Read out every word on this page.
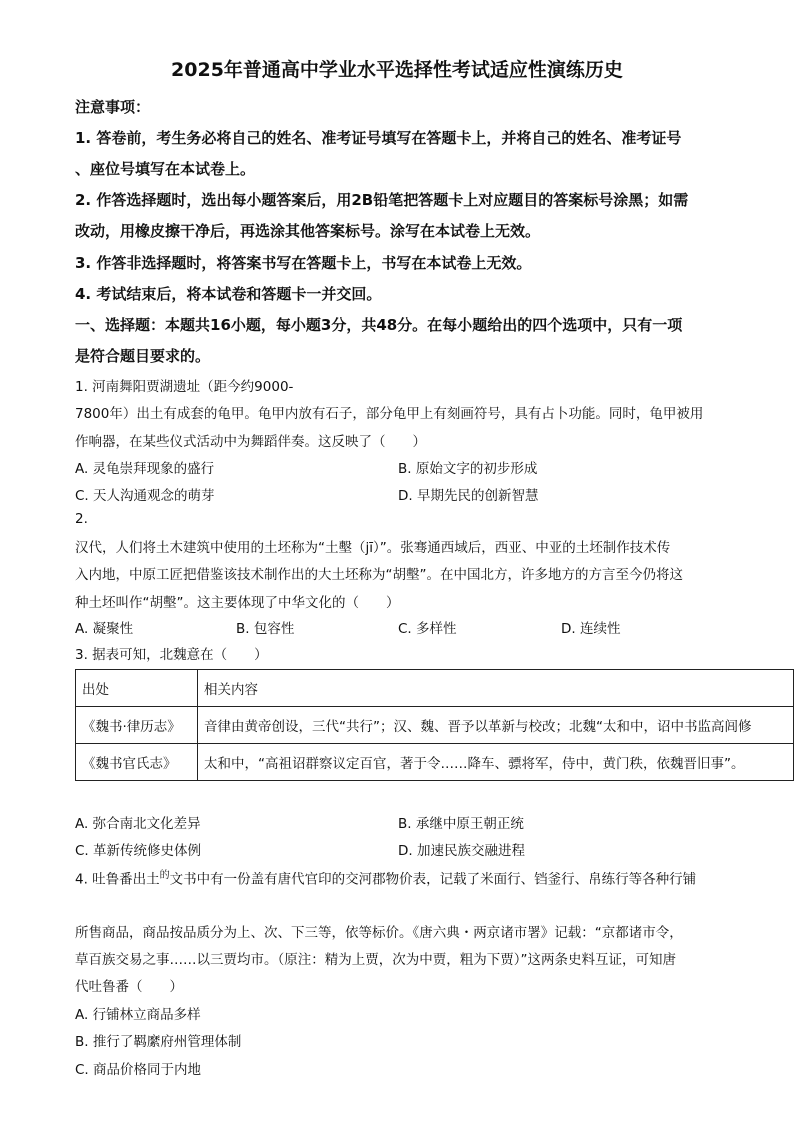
2025年普通高中学业水平选择性考试适应性演练历史
注意事项：
1. 答卷前，考生务必将自己的姓名、准考证号填写在答题卡上，并将自己的姓名、准考证号
、座位号填写在本试卷上。
2. 作答选择题时，选出每小题答案后，用2B铅笔把答题卡上对应题目的答案标号涂黑；如需
改动，用橡皮擦干净后，再选涂其他答案标号。涂写在本试卷上无效。
3. 作答非选择题时，将答案书写在答题卡上，书写在本试卷上无效。
4. 考试结束后，将本试卷和答题卡一并交回。
一、选择题：本题共16小题，每小题3分，共48分。在每小题给出的四个选项中，只有一项
是符合题目要求的。
1. 河南舞阳贾湖遗址（距今约9000-
7800年）出土有成套的龟甲。龟甲内放有石子，部分龟甲上有刻画符号，具有占卜功能。同时，龟甲被用
作响器，在某些仪式活动中为舞蹈伴奏。这反映了（　　）
A. 灵龟崇拜现象的盛行	B. 原始文字的初步形成
C. 天人沟通观念的萌芽	D. 早期先民的创新智慧
2.
汉代，人们将土木建筑中使用的土坯称为“土墼（jī）”。张骞通西域后，西亚、中亚的土坯制作技术传
入内地，中原工匠把借鉴该技术制作出的大土坯称为“胡墼”。在中国北方，许多地方的方言至今仍将这
种土坯叫作“胡墼”。这主要体现了中华文化的（　　）
A. 凝聚性	B. 包容性	C. 多样性	D. 连续性
3. 据表可知，北魏意在（　　）
出处	相关内容
《魏书·律历志》	音律由黄帝创设，三代“共行”；汉、魏、晋予以革新与校改；北魏“太和中，诏中书监高闾修
《魏书官氏志》	太和中，“高祖诏群察议定百官，著于令……降车、骠将军，侍中，黄门秩，依魏晋旧事”。
A. 弥合南北文化差异	B. 承继中原王朝正统
C. 革新传统修史体例	D. 加速民族交融进程
4. 吐鲁番出土$^的$文书中有一份盖有唐代官印的交河郡物价表，记载了米面行、铛釜行、帛练行等各种行铺
所售商品，商品按品质分为上、次、下三等，依等标价。《唐六典・两京诸市署》记载：“京都诸市令，
草百族交易之事……以三贾均市。（原注：精为上贾，次为中贾，粗为下贾）”这两条史料互证，可知唐
代吐鲁番（　　）
A. 行铺林立商品多样
B. 推行了羁縻府州管理体制
C. 商品价格同于内地
